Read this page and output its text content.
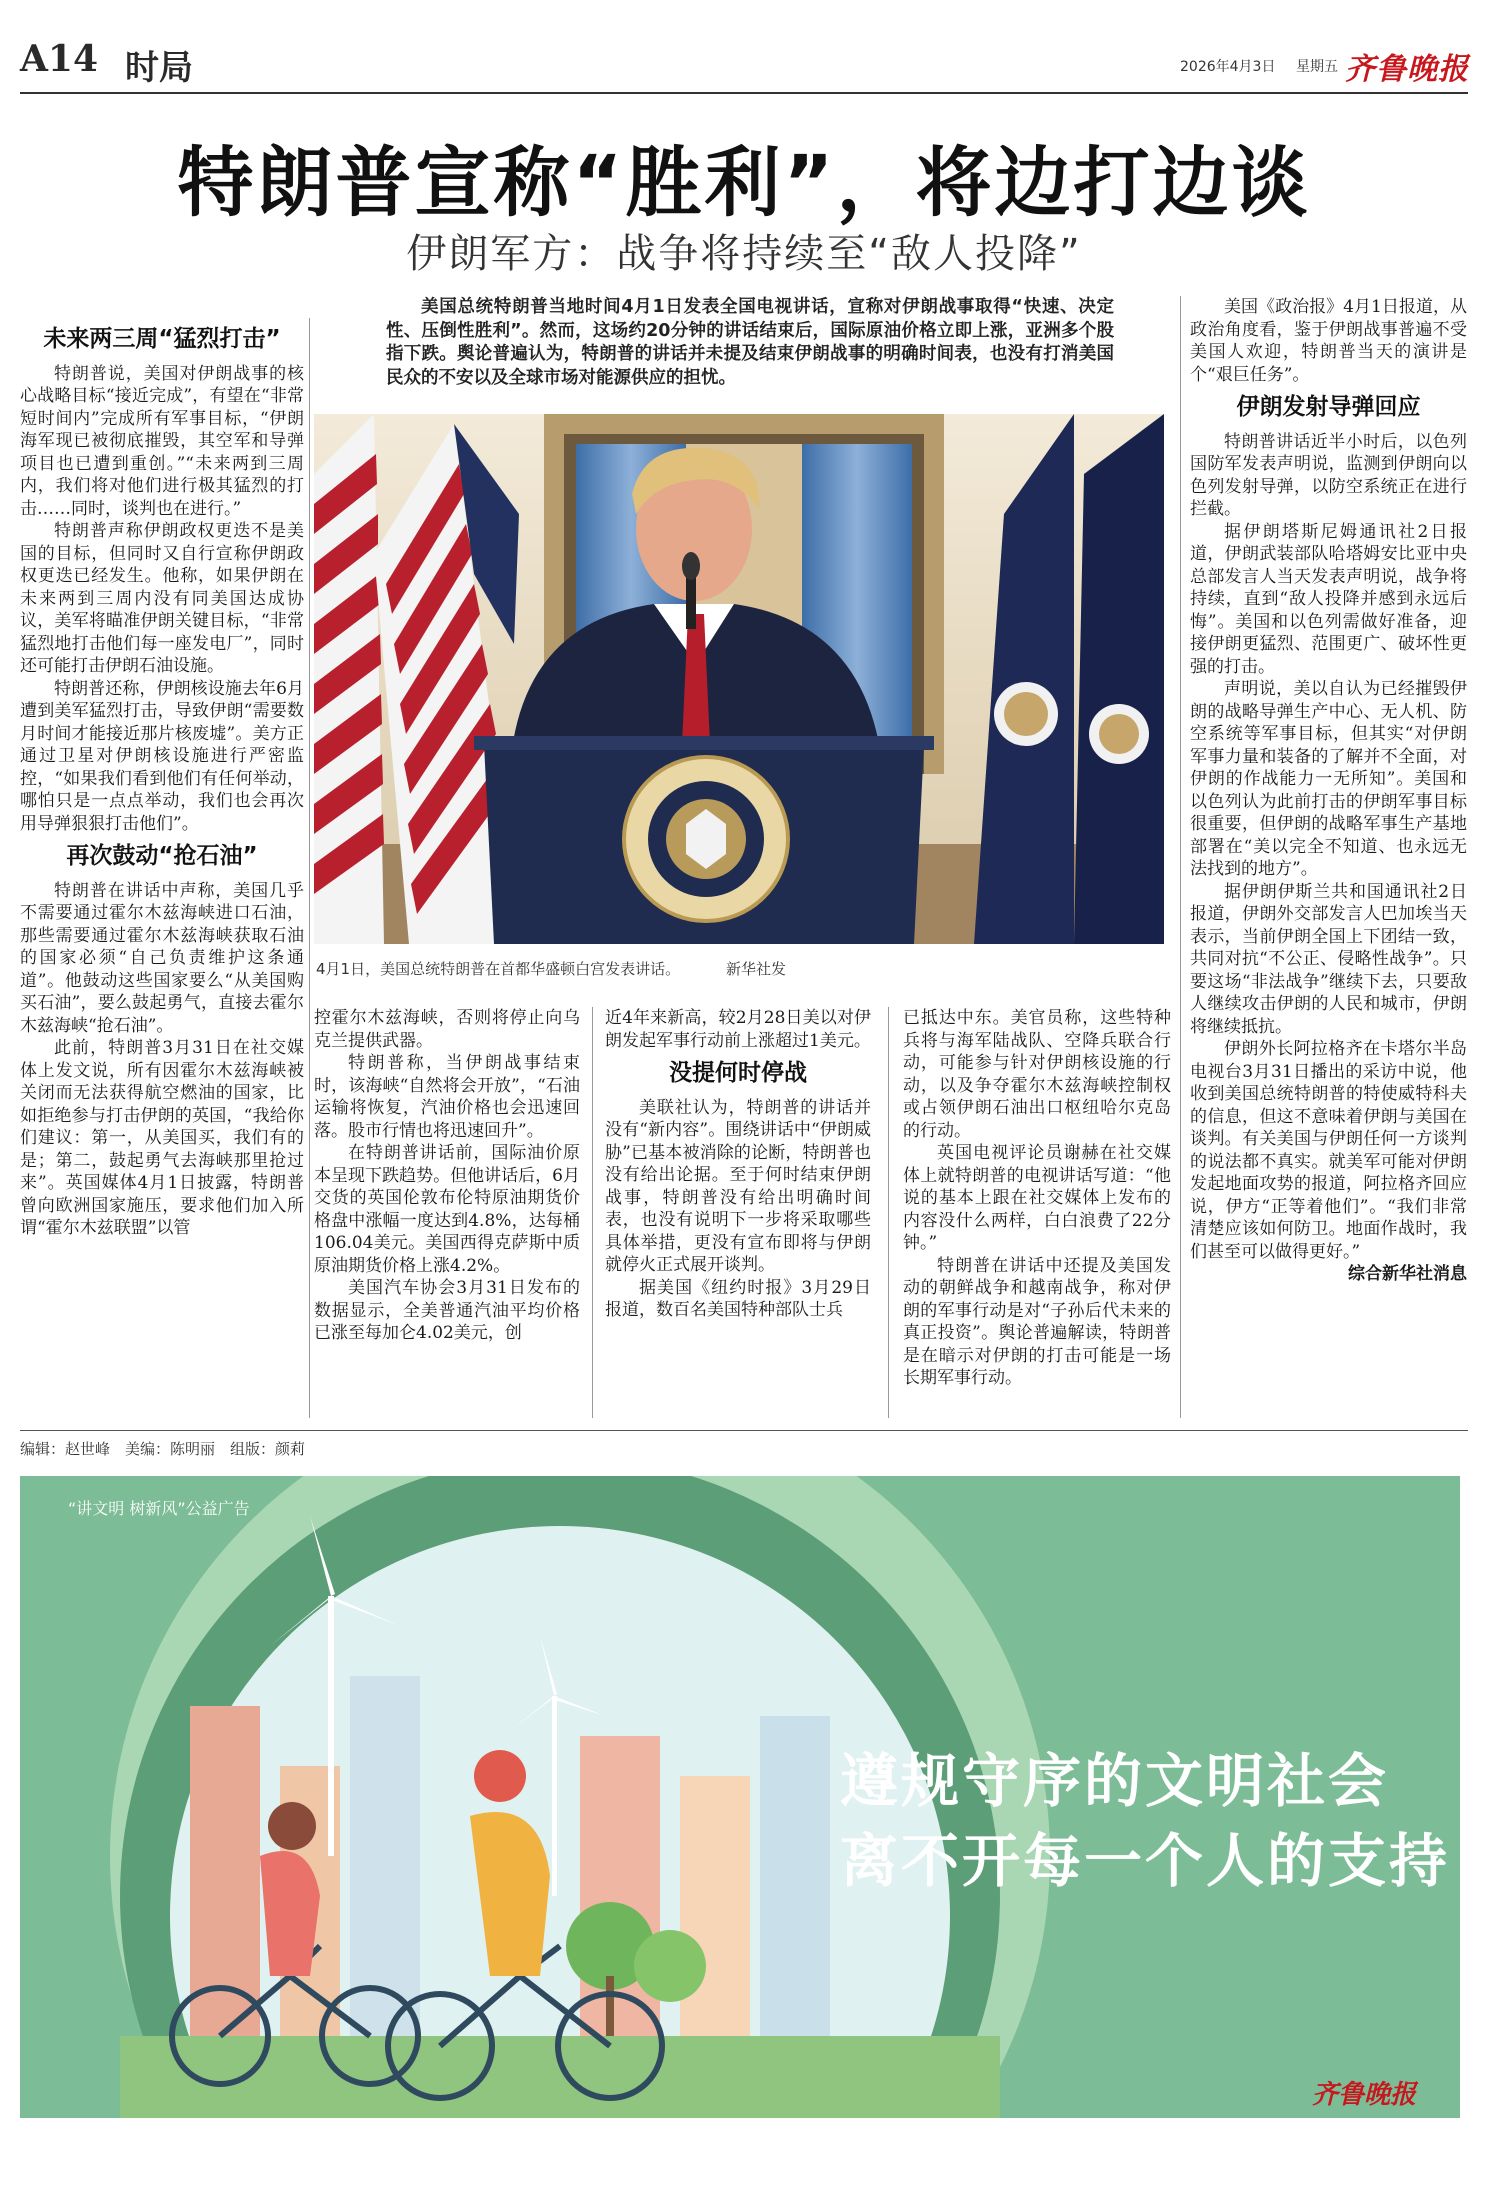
A14 时局	2026年4月3日 星期五 齐鲁晚报
特朗普宣称“胜利”，将边打边谈
伊朗军方：战争将持续至“敌人投降”

美国总统特朗普当地时间4月1日发表全国电视讲话，宣称对伊朗战事取得“快速、决定性、压倒性胜利”。然而，这场约20分钟的讲话结束后，国际原油价格立即上涨，亚洲多个股指下跌。舆论普遍认为，特朗普的讲话并未提及结束伊朗战事的明确时间表，也没有打消美国民众的不安以及全球市场对能源供应的担忧。

未来两三周“猛烈打击”

特朗普说，美国对伊朗战事的核心战略目标“接近完成”，有望在“非常短时间内”完成所有军事目标，“伊朗海军现已被彻底摧毁，其空军和导弹项目也已遭到重创。”“未来两到三周内，我们将对他们进行极其猛烈的打击……同时，谈判也在进行。”

特朗普声称伊朗政权更迭不是美国的目标，但同时又自行宣称伊朗政权更迭已经发生。他称，如果伊朗在未来两到三周内没有同美国达成协议，美军将瞄准伊朗关键目标，“非常猛烈地打击他们每一座发电厂”，同时还可能打击伊朗石油设施。

特朗普还称，伊朗核设施去年6月遭到美军猛烈打击，导致伊朗“需要数月时间才能接近那片核废墟”。美方正通过卫星对伊朗核设施进行严密监控，“如果我们看到他们有任何举动，哪怕只是一点点举动，我们也会再次用导弹狠狠打击他们”。

再次鼓动“抢石油”

特朗普在讲话中声称，美国几乎不需要通过霍尔木兹海峡进口石油，那些需要通过霍尔木兹海峡获取石油的国家必须“自己负责维护这条通道”。他鼓动这些国家要么“从美国购买石油”，要么鼓起勇气，直接去霍尔木兹海峡“抢石油”。

此前，特朗普3月31日在社交媒体上发文说，所有因霍尔木兹海峡被关闭而无法获得航空燃油的国家，比如拒绝参与打击伊朗的英国，“我给你们建议：第一，从美国买，我们有的是；第二，鼓起勇气去海峡那里抢过来”。英国媒体4月1日披露，特朗普曾向欧洲国家施压，要求他们加入所谓“霍尔木兹联盟”以管

4月1日，美国总统特朗普在首都华盛顿白宫发表讲话。	新华社发

控霍尔木兹海峡，否则将停止向乌克兰提供武器。

特朗普称，当伊朗战事结束时，该海峡“自然将会开放”，“石油运输将恢复，汽油价格也会迅速回落。股市行情也将迅速回升”。

在特朗普讲话前，国际油价原本呈现下跌趋势。但他讲话后，6月交货的英国伦敦布伦特原油期货价格盘中涨幅一度达到4.8%，达每桶106.04美元。美国西得克萨斯中质原油期货价格上涨4.2%。

美国汽车协会3月31日发布的数据显示，全美普通汽油平均价格已涨至每加仑4.02美元，创

近4年来新高，较2月28日美以对伊朗发起军事行动前上涨超过1美元。

没提何时停战

美联社认为，特朗普的讲话并没有“新内容”。围绕讲话中“伊朗威胁”已基本被消除的论断，特朗普也没有给出论据。至于何时结束伊朗战事，特朗普没有给出明确时间表，也没有说明下一步将采取哪些具体举措，更没有宣布即将与伊朗就停火正式展开谈判。

据美国《纽约时报》3月29日报道，数百名美国特种部队士兵

已抵达中东。美官员称，这些特种兵将与海军陆战队、空降兵联合行动，可能参与针对伊朗核设施的行动，以及争夺霍尔木兹海峡控制权或占领伊朗石油出口枢纽哈尔克岛的行动。

英国电视评论员谢赫在社交媒体上就特朗普的电视讲话写道：“他说的基本上跟在社交媒体上发布的内容没什么两样，白白浪费了22分钟。”

特朗普在讲话中还提及美国发动的朝鲜战争和越南战争，称对伊朗的军事行动是对“子孙后代未来的真正投资”。舆论普遍解读，特朗普是在暗示对伊朗的打击可能是一场长期军事行动。

美国《政治报》4月1日报道，从政治角度看，鉴于伊朗战事普遍不受美国人欢迎，特朗普当天的演讲是个“艰巨任务”。

伊朗发射导弹回应

特朗普讲话近半小时后，以色列国防军发表声明说，监测到伊朗向以色列发射导弹，以防空系统正在进行拦截。

据伊朗塔斯尼姆通讯社2日报道，伊朗武装部队哈塔姆安比亚中央总部发言人当天发表声明说，战争将持续，直到“敌人投降并感到永远后悔”。美国和以色列需做好准备，迎接伊朗更猛烈、范围更广、破坏性更强的打击。

声明说，美以自认为已经摧毁伊朗的战略导弹生产中心、无人机、防空系统等军事目标，但其实“对伊朗军事力量和装备的了解并不全面，对伊朗的作战能力一无所知”。美国和以色列认为此前打击的伊朗军事目标很重要，但伊朗的战略军事生产基地部署在“美以完全不知道、也永远无法找到的地方”。

据伊朗伊斯兰共和国通讯社2日报道，伊朗外交部发言人巴加埃当天表示，当前伊朗全国上下团结一致，共同对抗“不公正、侵略性战争”。只要这场“非法战争”继续下去，只要敌人继续攻击伊朗的人民和城市，伊朗将继续抵抗。

伊朗外长阿拉格齐在卡塔尔半岛电视台3月31日播出的采访中说，他收到美国总统特朗普的特使威特科夫的信息，但这不意味着伊朗与美国在谈判。有关美国与伊朗任何一方谈判的说法都不真实。就美军可能对伊朗发起地面攻势的报道，阿拉格齐回应说，伊方“正等着他们”。“我们非常清楚应该如何防卫。地面作战时，我们甚至可以做得更好。”

综合新华社消息

编辑：赵世峰　美编：陈明丽　组版：颜莉
“讲文明 树新风”公益广告
遵规守序的文明社会
离不开每一个人的支持
齐鲁晚报
